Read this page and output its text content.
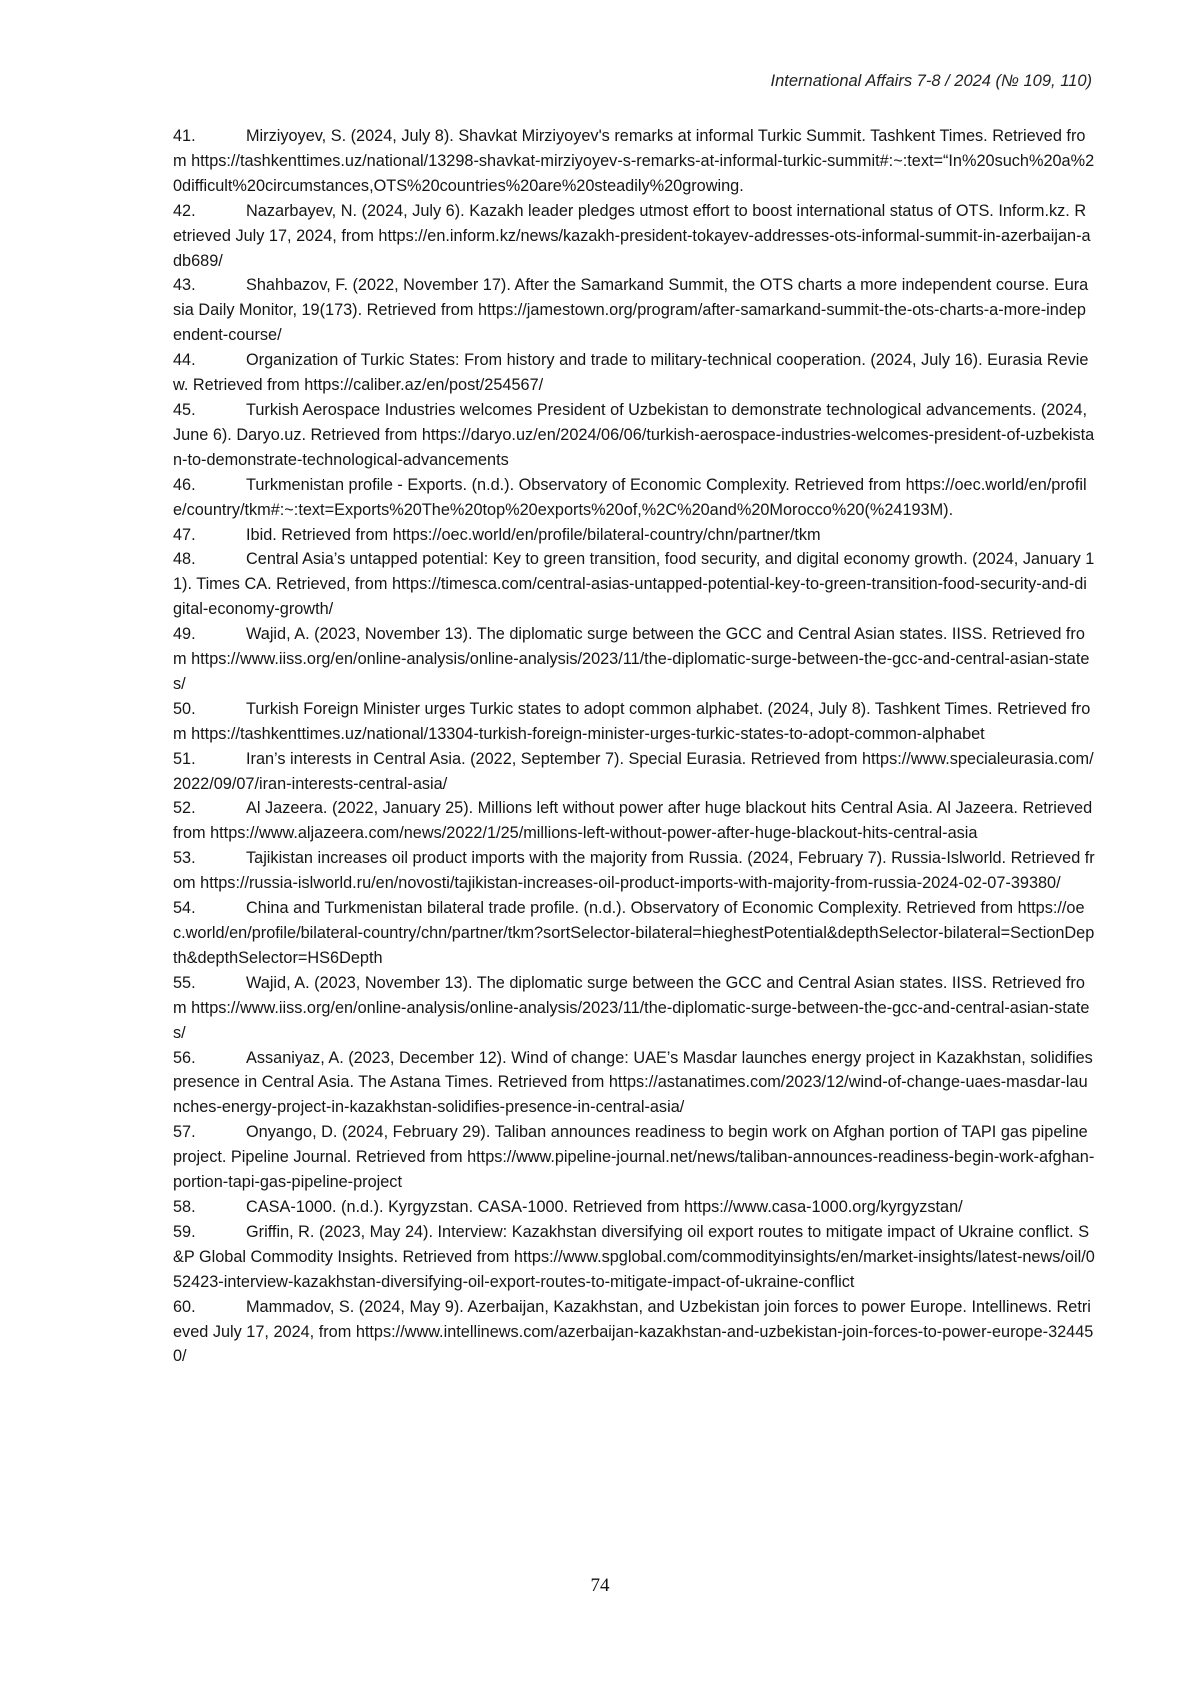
International Affairs 7-8 / 2024 (№ 109, 110)
41.	Mirziyoyev, S. (2024, July 8). Shavkat Mirziyoyev's remarks at informal Turkic Summit. Tashkent Times. Retrieved from https://tashkenttimes.uz/national/13298-shavkat-mirziyoyev-s-remarks-at-informal-turkic-summit#:~:text=“In%20such%20a%20difficult%20circumstances,OTS%20countries%20are%20steadily%20growing.
42.	Nazarbayev, N. (2024, July 6). Kazakh leader pledges utmost effort to boost international status of OTS. Inform.kz. Retrieved July 17, 2024, from https://en.inform.kz/news/kazakh-president-tokayev-addresses-ots-informal-summit-in-azerbaijan-adb689/
43.	Shahbazov, F. (2022, November 17). After the Samarkand Summit, the OTS charts a more independent course. Eurasia Daily Monitor, 19(173). Retrieved from https://jamestown.org/program/after-samarkand-summit-the-ots-charts-a-more-independent-course/
44.	Organization of Turkic States: From history and trade to military-technical cooperation. (2024, July 16). Eurasia Review. Retrieved from https://caliber.az/en/post/254567/
45.	Turkish Aerospace Industries welcomes President of Uzbekistan to demonstrate technological advancements. (2024, June 6). Daryo.uz. Retrieved from https://daryo.uz/en/2024/06/06/turkish-aerospace-industries-welcomes-president-of-uzbekistan-to-demonstrate-technological-advancements
46.	Turkmenistan profile - Exports. (n.d.). Observatory of Economic Complexity. Retrieved from https://oec.world/en/profile/country/tkm#:~:text=Exports%20The%20top%20exports%20of,%2C%20and%20Morocco%20(%24193M).
47.	Ibid. Retrieved from https://oec.world/en/profile/bilateral-country/chn/partner/tkm
48.	Central Asia’s untapped potential: Key to green transition, food security, and digital economy growth. (2024, January 11). Times CA. Retrieved, from https://timesca.com/central-asias-untapped-potential-key-to-green-transition-food-security-and-digital-economy-growth/
49.	Wajid, A. (2023, November 13). The diplomatic surge between the GCC and Central Asian states. IISS. Retrieved from https://www.iiss.org/en/online-analysis/online-analysis/2023/11/the-diplomatic-surge-between-the-gcc-and-central-asian-states/
50.	Turkish Foreign Minister urges Turkic states to adopt common alphabet. (2024, July 8). Tashkent Times. Retrieved from https://tashkenttimes.uz/national/13304-turkish-foreign-minister-urges-turkic-states-to-adopt-common-alphabet
51.	Iran’s interests in Central Asia. (2022, September 7). Special Eurasia. Retrieved from https://www.specialeurasia.com/2022/09/07/iran-interests-central-asia/
52.	Al Jazeera. (2022, January 25). Millions left without power after huge blackout hits Central Asia. Al Jazeera. Retrieved from https://www.aljazeera.com/news/2022/1/25/millions-left-without-power-after-huge-blackout-hits-central-asia
53.	Tajikistan increases oil product imports with the majority from Russia. (2024, February 7). Russia-Islworld. Retrieved from https://russia-islworld.ru/en/novosti/tajikistan-increases-oil-product-imports-with-majority-from-russia-2024-02-07-39380/
54.	China and Turkmenistan bilateral trade profile. (n.d.). Observatory of Economic Complexity. Retrieved from https://oec.world/en/profile/bilateral-country/chn/partner/tkm?sortSelector-bilateral=hieghestPotential&depthSelector-bilateral=SectionDepth&depthSelector=HS6Depth
55.	Wajid, A. (2023, November 13). The diplomatic surge between the GCC and Central Asian states. IISS. Retrieved from https://www.iiss.org/en/online-analysis/online-analysis/2023/11/the-diplomatic-surge-between-the-gcc-and-central-asian-states/
56.	Assaniyaz, A. (2023, December 12). Wind of change: UAE’s Masdar launches energy project in Kazakhstan, solidifies presence in Central Asia. The Astana Times. Retrieved from https://astanatimes.com/2023/12/wind-of-change-uaes-masdar-launches-energy-project-in-kazakhstan-solidifies-presence-in-central-asia/
57.	Onyango, D. (2024, February 29). Taliban announces readiness to begin work on Afghan portion of TAPI gas pipeline project. Pipeline Journal. Retrieved from https://www.pipeline-journal.net/news/taliban-announces-readiness-begin-work-afghan-portion-tapi-gas-pipeline-project
58.	CASA-1000. (n.d.). Kyrgyzstan. CASA-1000. Retrieved from https://www.casa-1000.org/kyrgyzstan/
59.	Griffin, R. (2023, May 24). Interview: Kazakhstan diversifying oil export routes to mitigate impact of Ukraine conflict. S&P Global Commodity Insights. Retrieved from https://www.spglobal.com/commodityinsights/en/market-insights/latest-news/oil/052423-interview-kazakhstan-diversifying-oil-export-routes-to-mitigate-impact-of-ukraine-conflict
60.	Mammadov, S. (2024, May 9). Azerbaijan, Kazakhstan, and Uzbekistan join forces to power Europe. Intellinews. Retrieved July 17, 2024, from https://www.intellinews.com/azerbaijan-kazakhstan-and-uzbekistan-join-forces-to-power-europe-324450/
74
